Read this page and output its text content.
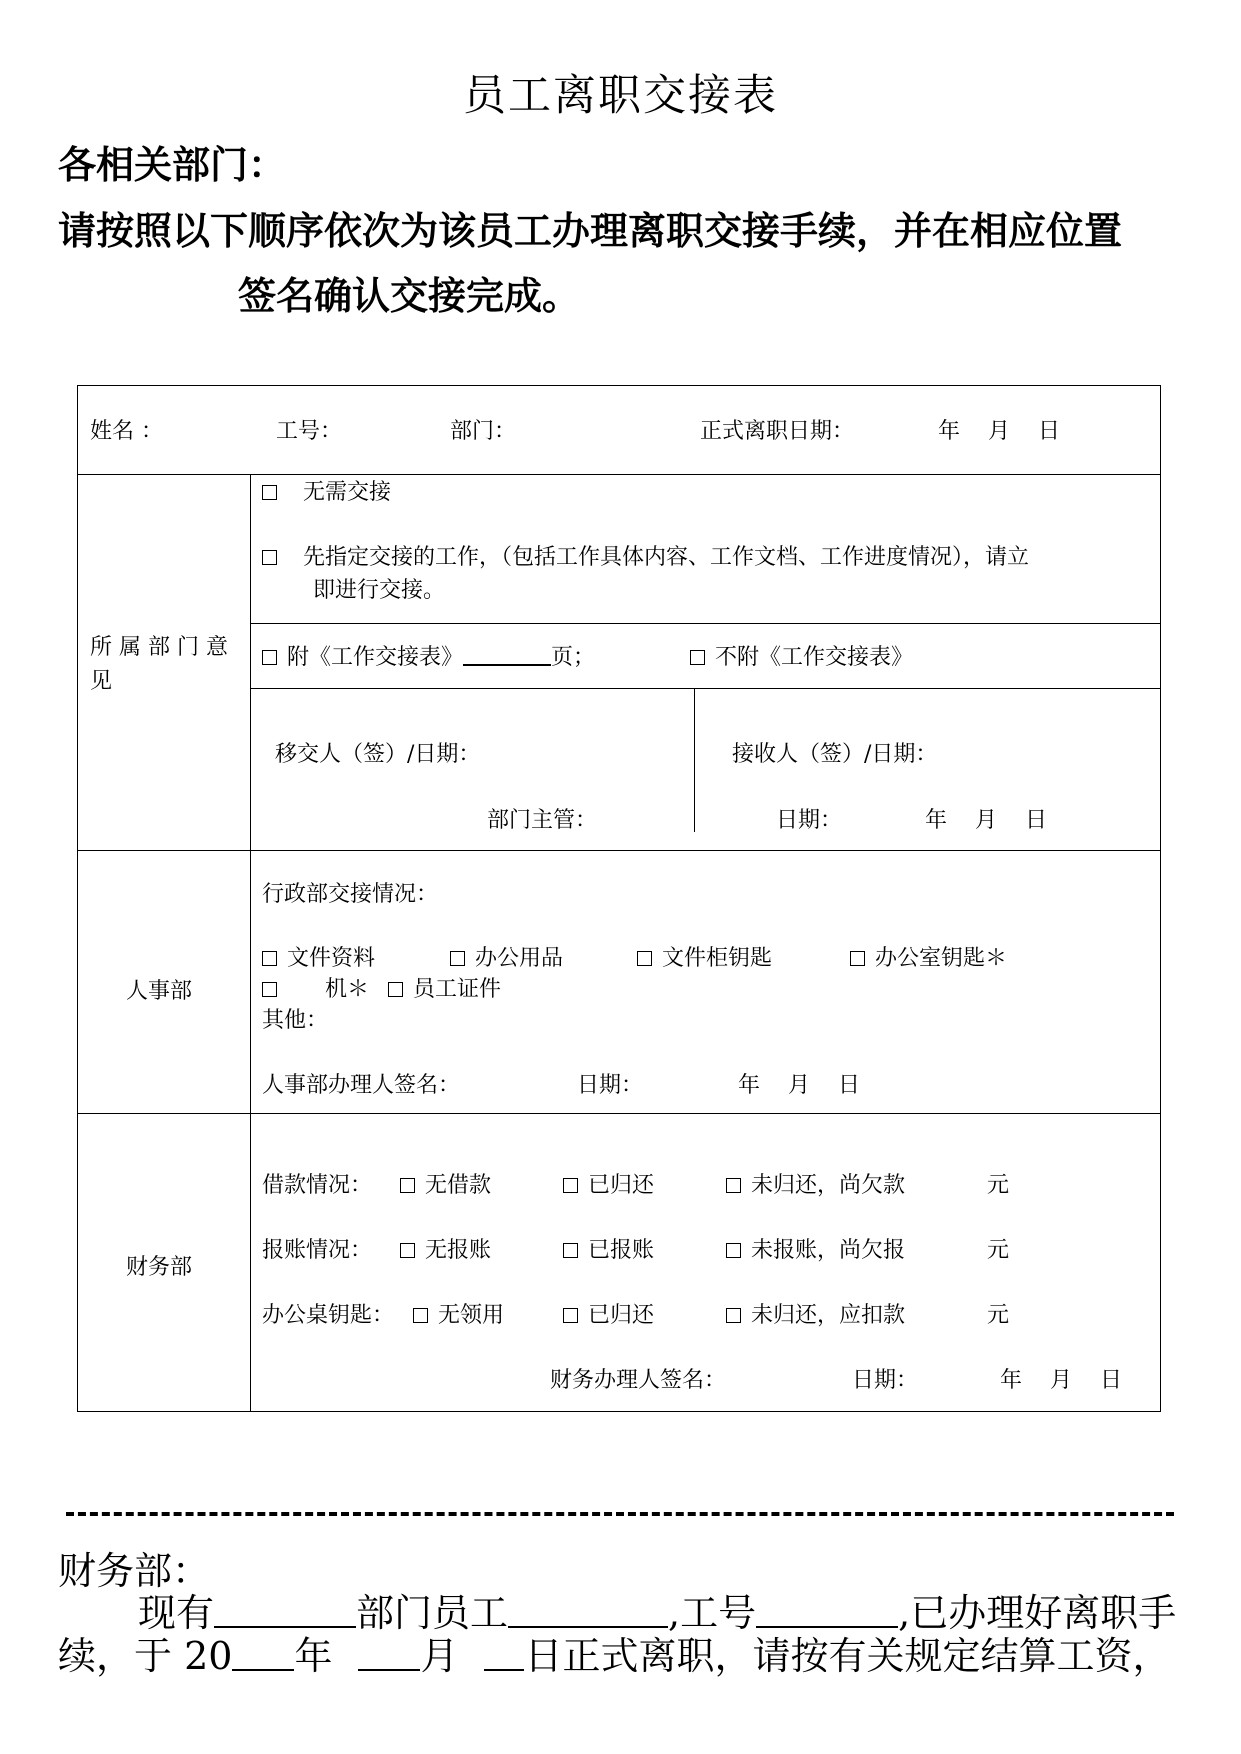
员工离职交接表
各相关部门：
请按照以下顺序依次为该员工办理离职交接手续，并在相应位置
签名确认交接完成。
姓名 ：	工号：	部门：	正式离职日期：	年 月 日
所 属 部 门 意
见
无需交接
先指定交接的工作，（包括工作具体内容、工作文档、工作进度情况），请立
即进行交接。
附《工作交接表》	页；	不附《工作交接表》
移交人（签）/日期：	接收人（签）/日期：
部门主管：	日期：	年 月 日
人事部
行政部交接情况：
文件资料	办公用品	文件柜钥匙	办公室钥匙＊
机＊	员工证件
其他：
人事部办理人签名：	日期：	年 月 日
财务部
借款情况：	无借款	已归还	未归还，尚欠款	元
报账情况：	无报账	已报账	未报账，尚欠报	元
办公桌钥匙：	无领用	已归还	未归还，应扣款	元
财务办理人签名：	日期：	年 月 日
财务部：
现有	部门员工	,工号	,已办理好离职手
续，于 20 年 月 日正式离职，请按有关规定结算工资，
